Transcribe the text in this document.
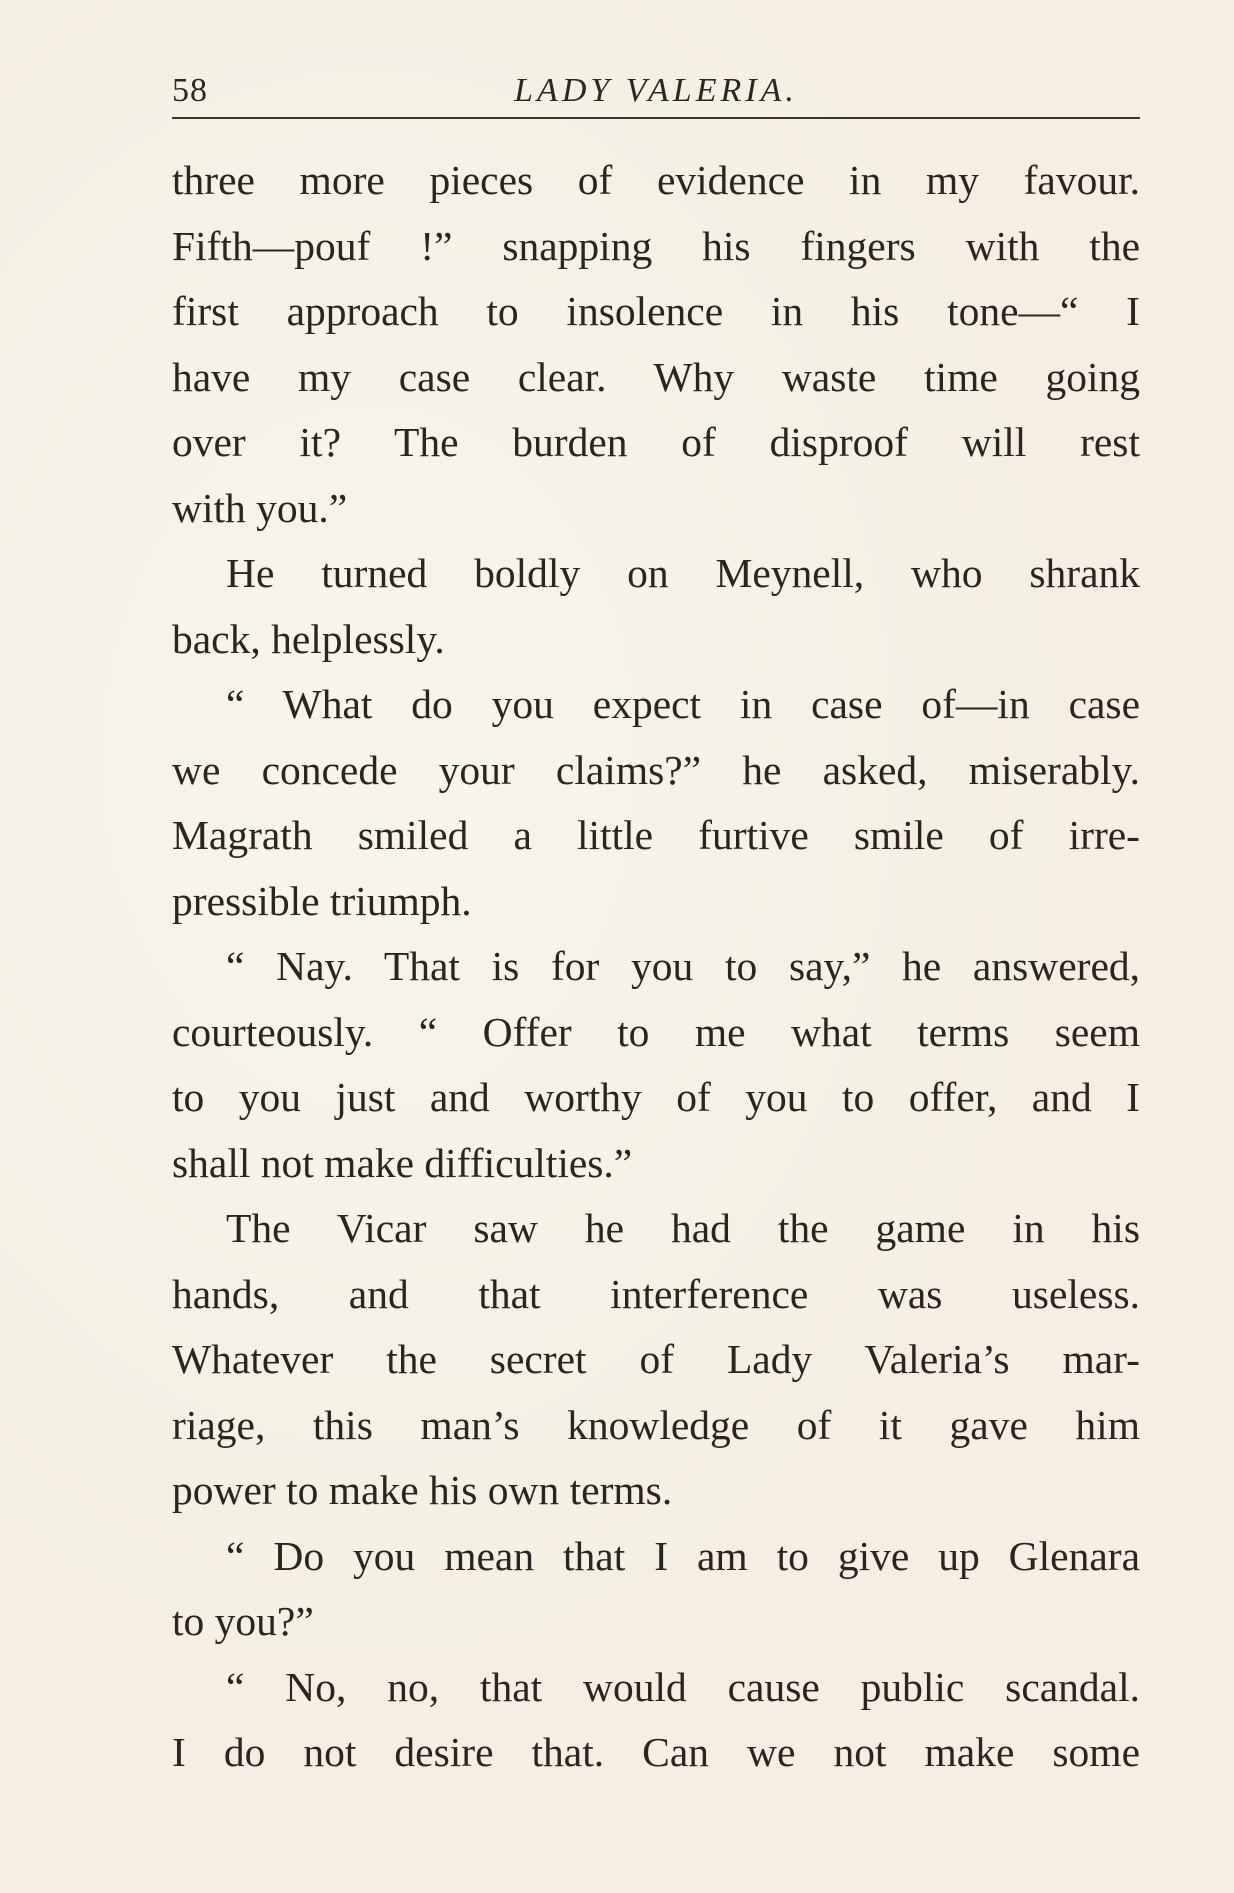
58	LADY VALERIA.
three more pieces of evidence in my favour.
Fifth—pouf !” snapping his fingers with the
first approach to insolence in his tone—“ I
have my case clear. Why waste time going
over it? The burden of disproof will rest
with you.”
He turned boldly on Meynell, who shrank
back, helplessly.
“ What do you expect in case of—in case
we concede your claims?” he asked, miserably.
Magrath smiled a little furtive smile of irre-
pressible triumph.
“ Nay. That is for you to say,” he answered,
courteously. “ Offer to me what terms seem
to you just and worthy of you to offer, and I
shall not make difficulties.”
The Vicar saw he had the game in his
hands, and that interference was useless.
Whatever the secret of Lady Valeria’s mar-
riage, this man’s knowledge of it gave him
power to make his own terms.
“ Do you mean that I am to give up Glenara
to you?”
“ No, no, that would cause public scandal.
I do not desire that. Can we not make some
